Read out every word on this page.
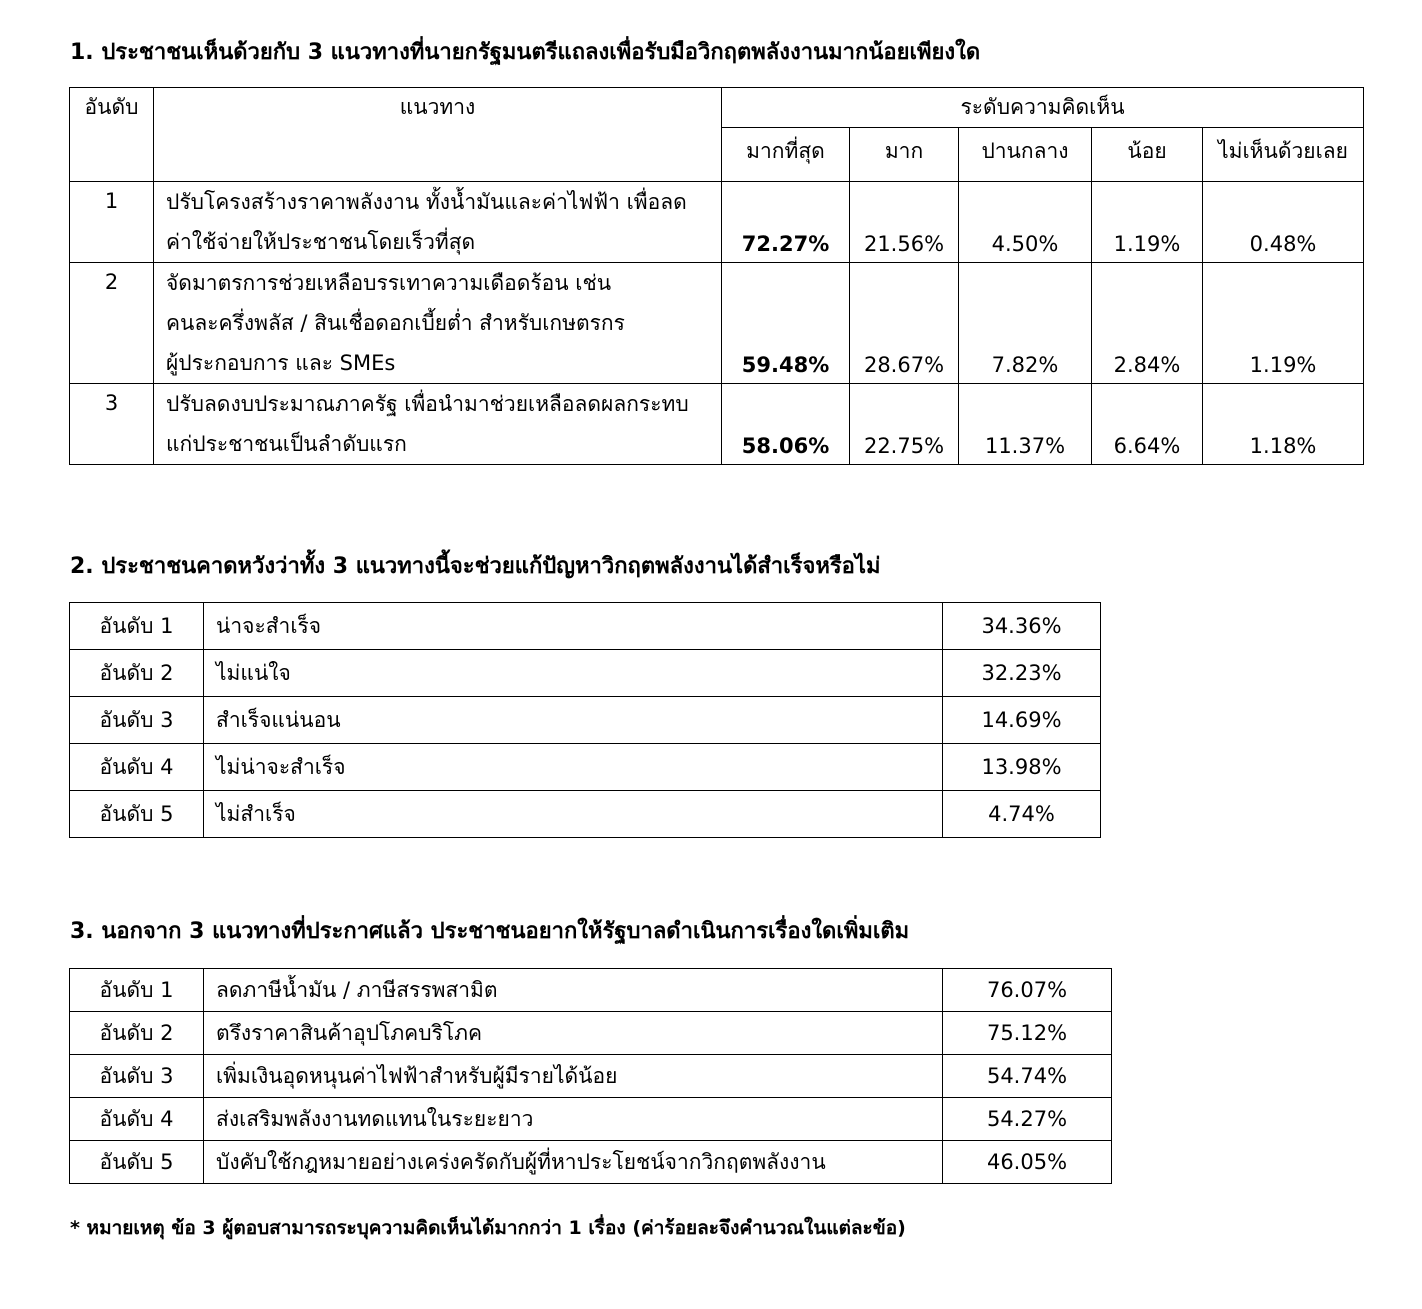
1. ประชาชนเห็นด้วยกับ 3 แนวทางที่นายกรัฐมนตรีแถลงเพื่อรับมือวิกฤตพลังงานมากน้อยเพียงใด
อันดับ	แนวทาง	ระดับความคิดเห็น				
		มากที่สุด	มาก	ปานกลาง	น้อย	ไม่เห็นด้วยเลย
1	ปรับโครงสร้างราคาพลังงาน ทั้งน้ำมันและค่าไฟฟ้า เพื่อลด
ค่าใช้จ่ายให้ประชาชนโดยเร็วที่สุด	72.27%	21.56%	4.50%	1.19%	0.48%
2	จัดมาตรการช่วยเหลือบรรเทาความเดือดร้อน เช่น
คนละครึ่งพลัส / สินเชื่อดอกเบี้ยต่ำ สำหรับเกษตรกร
ผู้ประกอบการ และ SMEs	59.48%	28.67%	7.82%	2.84%	1.19%
3	ปรับลดงบประมาณภาครัฐ เพื่อนำมาช่วยเหลือลดผลกระทบ
แก่ประชาชนเป็นลำดับแรก	58.06%	22.75%	11.37%	6.64%	1.18%
2. ประชาชนคาดหวังว่าทั้ง 3 แนวทางนี้จะช่วยแก้ปัญหาวิกฤตพลังงานได้สำเร็จหรือไม่
อันดับ 1	น่าจะสำเร็จ	34.36%
อันดับ 2	ไม่แน่ใจ	32.23%
อันดับ 3	สำเร็จแน่นอน	14.69%
อันดับ 4	ไม่น่าจะสำเร็จ	13.98%
อันดับ 5	ไม่สำเร็จ	4.74%
3. นอกจาก 3 แนวทางที่ประกาศแล้ว ประชาชนอยากให้รัฐบาลดำเนินการเรื่องใดเพิ่มเติม
อันดับ 1	ลดภาษีน้ำมัน / ภาษีสรรพสามิต	76.07%
อันดับ 2	ตรึงราคาสินค้าอุปโภคบริโภค	75.12%
อันดับ 3	เพิ่มเงินอุดหนุนค่าไฟฟ้าสำหรับผู้มีรายได้น้อย	54.74%
อันดับ 4	ส่งเสริมพลังงานทดแทนในระยะยาว	54.27%
อันดับ 5	บังคับใช้กฎหมายอย่างเคร่งครัดกับผู้ที่หาประโยชน์จากวิกฤตพลังงาน	46.05%
* หมายเหตุ ข้อ 3 ผู้ตอบสามารถระบุความคิดเห็นได้มากกว่า 1 เรื่อง (ค่าร้อยละจึงคำนวณในแต่ละข้อ)
